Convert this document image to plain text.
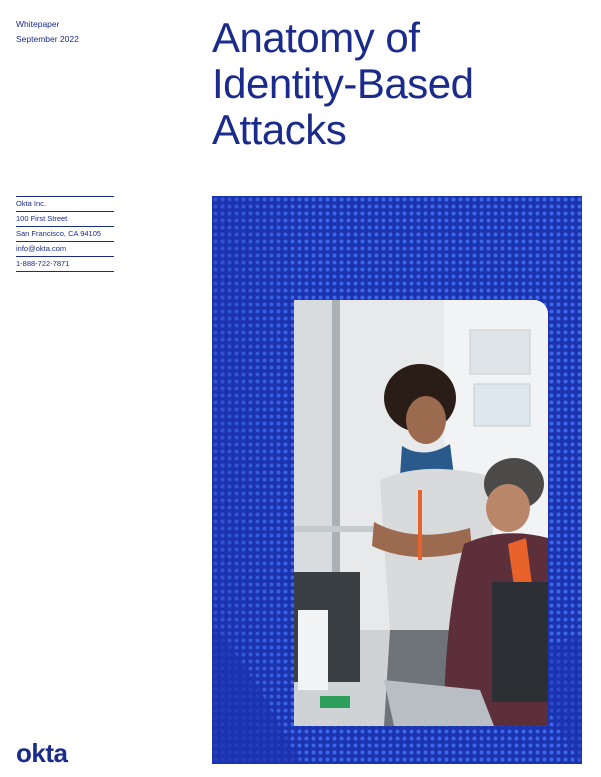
Whitepaper
September 2022	Anatomy of
Identity-Based
Attacks
Okta Inc.
100 First Street
San Francisco, CA 94105
info@okta.com
1-888-722-7871
okta
